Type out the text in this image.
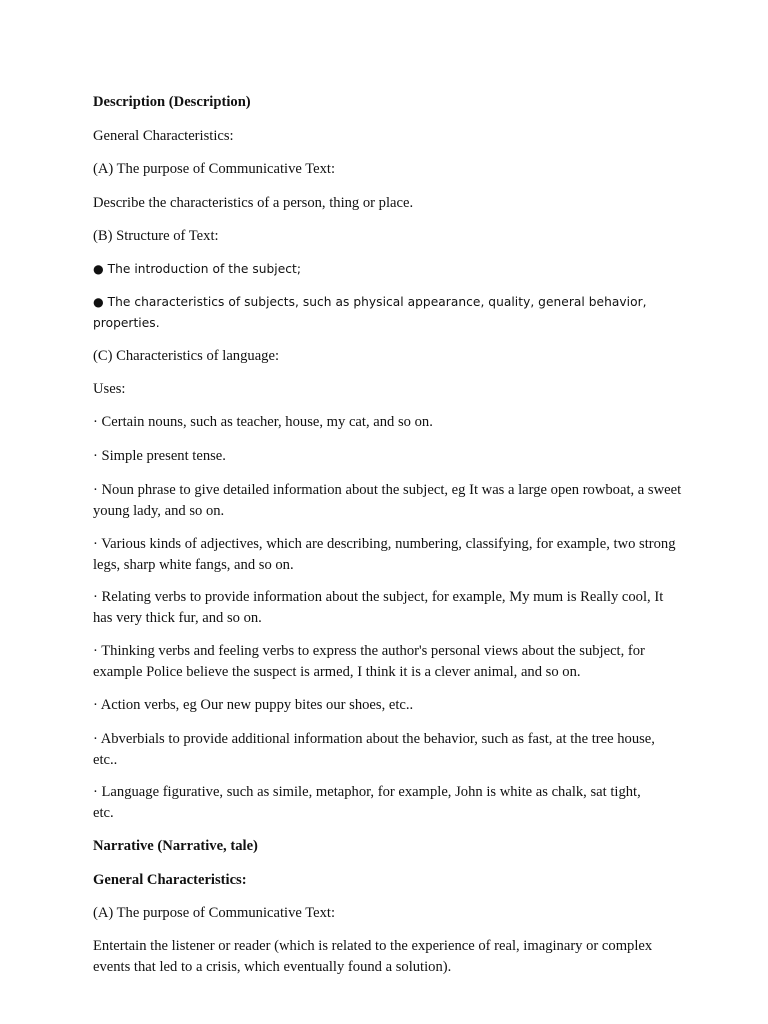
Description (Description)

General Characteristics:

(A) The purpose of Communicative Text:

Describe the characteristics of a person, thing or place.

(B) Structure of Text:

● The introduction of the subject;

● The characteristics of subjects, such as physical appearance, quality, general behavior, properties.

(C) Characteristics of language:

Uses:

· Certain nouns, such as teacher, house, my cat, and so on.

· Simple present tense.

· Noun phrase to give detailed information about the subject, eg It was a large open rowboat, a sweet young lady, and so on.

· Various kinds of adjectives, which are describing, numbering, classifying, for example, two strong legs, sharp white fangs, and so on.

· Relating verbs to provide information about the subject, for example, My mum is Really cool, It has very thick fur, and so on.

· Thinking verbs and feeling verbs to express the author's personal views about the subject, for example Police believe the suspect is armed, I think it is a clever animal, and so on.

· Action verbs, eg Our new puppy bites our shoes, etc..

· Abverbials to provide additional information about the behavior, such as fast, at the tree house, etc..

· Language figurative, such as simile, metaphor, for example, John is white as chalk, sat tight, etc.

Narrative (Narrative, tale)

General Characteristics:

(A) The purpose of Communicative Text:

Entertain the listener or reader (which is related to the experience of real, imaginary or complex events that led to a crisis, which eventually found a solution).
